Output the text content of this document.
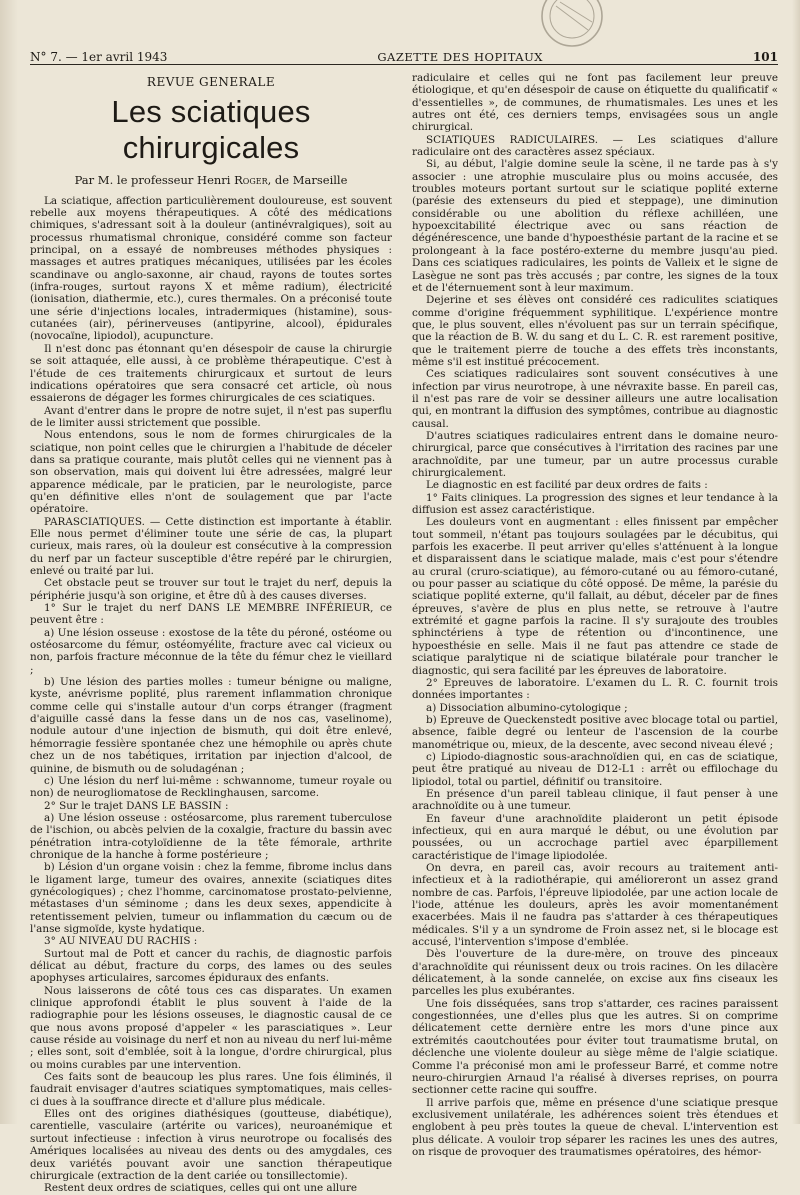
N° 7. — 1er avril 1943	GAZETTE DES HOPITAUX	101
REVUE GENERALE
Les sciatiques chirurgicales
Par M. le professeur Henri Roger, de Marseille

La sciatique, affection particulièrement douloureuse, est souvent rebelle aux moyens thérapeutiques. A côté des médications chimiques, s'adressant soit à la douleur (antinévralgiques), soit au processus rhumatismal chronique, considéré comme son facteur principal, on a essayé de nombreuses méthodes physiques : massages et autres pratiques mécaniques, utilisées par les écoles scandinave ou anglo-saxonne, air chaud, rayons de toutes sortes (infra-rouges, surtout rayons X et même radium), électricité (ionisation, diathermie, etc.), cures thermales. On a préconisé toute une série d'injections locales, intradermiques (histamine), sous-cutanées (air), périnerveuses (antipyrine, alcool), épidurales (novocaïne, lipiodol), acupuncture.

Il n'est donc pas étonnant qu'en désespoir de cause la chirurgie se soit attaquée, elle aussi, à ce problème thérapeutique. C'est à l'étude de ces traitements chirurgicaux et surtout de leurs indications opératoires que sera consacré cet article, où nous essaierons de dégager les formes chirurgicales de ces sciatiques.

Avant d'entrer dans le propre de notre sujet, il n'est pas superflu de le limiter aussi strictement que possible.

Nous entendons, sous le nom de formes chirurgicales de la sciatique, non point celles que le chirurgien a l'habitude de déceler dans sa pratique courante, mais plutôt celles qui ne viennent pas à son observation, mais qui doivent lui être adressées, malgré leur apparence médicale, par le praticien, par le neurologiste, parce qu'en définitive elles n'ont de soulagement que par l'acte opératoire.

PARASCIATIQUES. — Cette distinction est importante à établir. Elle nous permet d'éliminer toute une série de cas, la plupart curieux, mais rares, où la douleur est consécutive à la compression du nerf par un facteur susceptible d'être repéré par le chirurgien, enlevé ou traité par lui.

Cet obstacle peut se trouver sur tout le trajet du nerf, depuis la périphérie jusqu'à son origine, et être dû à des causes diverses.

1° Sur le trajet du nerf DANS LE MEMBRE INFÉRIEUR, ce peuvent être :

a) Une lésion osseuse : exostose de la tête du péroné, ostéome ou ostéosarcome du fémur, ostéomyélite, fracture avec cal vicieux ou non, parfois fracture méconnue de la tête du fémur chez le vieillard ;

b) Une lésion des parties molles : tumeur bénigne ou maligne, kyste, anévrisme poplité, plus rarement inflammation chronique comme celle qui s'installe autour d'un corps étranger (fragment d'aiguille cassé dans la fesse dans un de nos cas, vaselinome), nodule autour d'une injection de bismuth, qui doit être enlevé, hémorragie fessière spontanée chez une hémophile ou après chute chez un de nos tabétiques, irritation par injection d'alcool, de quinine, de bismuth ou de soludagénan ;

c) Une lésion du nerf lui-même : schwannome, tumeur royale ou non) de neurogliomatose de Recklinghausen, sarcome.

2° Sur le trajet DANS LE BASSIN :

a) Une lésion osseuse : ostéosarcome, plus rarement tuberculose de l'ischion, ou abcès pelvien de la coxalgie, fracture du bassin avec pénétration intra-cotyloïdienne de la tête fémorale, arthrite chronique de la hanche à forme postérieure ;

b) Lésion d'un organe voisin : chez la femme, fibrome inclus dans le ligament large, tumeur des ovaires, annexite (sciatiques dites gynécologiques) ; chez l'homme, carcinomatose prostato-pelvienne, métastases d'un séminome ; dans les deux sexes, appendicite à retentissement pelvien, tumeur ou inflammation du cæcum ou de l'anse sigmoïde, kyste hydatique.

3° AU NIVEAU DU RACHIS :

Surtout mal de Pott et cancer du rachis, de diagnostic parfois délicat au début, fracture du corps, des lames ou des seules apophyses articulaires, sarcomes épiduraux des enfants.

Nous laisserons de côté tous ces cas disparates. Un examen clinique approfondi établit le plus souvent à l'aide de la radiographie pour les lésions osseuses, le diagnostic causal de ce que nous avons proposé d'appeler « les parasciatiques ». Leur cause réside au voisinage du nerf et non au niveau du nerf lui-même ; elles sont, soit d'emblée, soit à la longue, d'ordre chirurgical, plus ou moins curables par une intervention.

Ces faits sont de beaucoup les plus rares. Une fois éliminés, il faudrait envisager d'autres sciatiques symptomatiques, mais celles-ci dues à la souffrance directe et d'allure plus médicale.

Elles ont des origines diathésiques (goutteuse, diabétique), carentielle, vasculaire (artérite ou varices), neuroanémique et surtout infectieuse : infection à virus neurotrope ou focalisés des Amériques localisées au niveau des dents ou des amygdales, ces deux variétés pouvant avoir une sanction thérapeutique chirurgicale (extraction de la dent cariée ou tonsillectomie).

Restent deux ordres de sciatiques, celles qui ont une allure

radiculaire et celles qui ne font pas facilement leur preuve étiologique, et qu'en désespoir de cause on étiquette du qualificatif « d'essentielles », de communes, de rhumatismales. Les unes et les autres ont été, ces derniers temps, envisagées sous un angle chirurgical.

SCIATIQUES RADICULAIRES. — Les sciatiques d'allure radiculaire ont des caractères assez spéciaux.

Si, au début, l'algie domine seule la scène, il ne tarde pas à s'y associer : une atrophie musculaire plus ou moins accusée, des troubles moteurs portant surtout sur le sciatique poplité externe (parésie des extenseurs du pied et steppage), une diminution considérable ou une abolition du réflexe achilléen, une hypoexcitabilité électrique avec ou sans réaction de dégénérescence, une bande d'hypoesthésie partant de la racine et se prolongeant à la face postéro-externe du membre jusqu'au pied. Dans ces sciatiques radiculaires, les points de Valleix et le signe de Lasègue ne sont pas très accusés ; par contre, les signes de la toux et de l'éternuement sont à leur maximum.

Dejerine et ses élèves ont considéré ces radiculites sciatiques comme d'origine fréquemment syphilitique. L'expérience montre que, le plus souvent, elles n'évoluent pas sur un terrain spécifique, que la réaction de B. W. du sang et du L. C. R. est rarement positive, que le traitement pierre de touche a des effets très inconstants, même s'il est institué précocement.

Ces sciatiques radiculaires sont souvent consécutives à une infection par virus neurotrope, à une névraxite basse. En pareil cas, il n'est pas rare de voir se dessiner ailleurs une autre localisation qui, en montrant la diffusion des symptômes, contribue au diagnostic causal.

D'autres sciatiques radiculaires entrent dans le domaine neuro-chirurgical, parce que consécutives à l'irritation des racines par une arachnoïdite, par une tumeur, par un autre processus curable chirurgicalement.

Le diagnostic en est facilité par deux ordres de faits :

1° Faits cliniques. La progression des signes et leur tendance à la diffusion est assez caractéristique.

Les douleurs vont en augmentant : elles finissent par empêcher tout sommeil, n'étant pas toujours soulagées par le décubitus, qui parfois les exacerbe. Il peut arriver qu'elles s'atténuent à la longue et disparaissent dans le sciatique malade, mais c'est pour s'étendre au crural (cruro-sciatique), au fémoro-cutané ou au fémoro-cutané, ou pour passer au sciatique du côté opposé. De même, la parésie du sciatique poplité externe, qu'il fallait, au début, déceler par de fines épreuves, s'avère de plus en plus nette, se retrouve à l'autre extrémité et gagne parfois la racine. Il s'y surajoute des troubles sphinctériens à type de rétention ou d'incontinence, une hypoesthésie en selle. Mais il ne faut pas attendre ce stade de sciatique paralytique ni de sciatique bilatérale pour trancher le diagnostic, qui sera facilité par les épreuves de laboratoire.

2° Epreuves de laboratoire. L'examen du L. R. C. fournit trois données importantes :

a) Dissociation albumino-cytologique ;

b) Epreuve de Queckenstedt positive avec blocage total ou partiel, absence, faible degré ou lenteur de l'ascension de la courbe manométrique ou, mieux, de la descente, avec second niveau élevé ;

c) Lipiodo-diagnostic sous-arachnoïdien qui, en cas de sciatique, peut être pratiqué au niveau de D12-L1 : arrêt ou effilochage du lipiodol, total ou partiel, définitif ou transitoire.

En présence d'un pareil tableau clinique, il faut penser à une arachnoïdite ou à une tumeur.

En faveur d'une arachnoïdite plaideront un petit épisode infectieux, qui en aura marqué le début, ou une évolution par poussées, ou un accrochage partiel avec éparpillement caractéristique de l'image lipiodolée.

On devra, en pareil cas, avoir recours au traitement anti-infectieux et à la radiothérapie, qui amélioreront un assez grand nombre de cas. Parfois, l'épreuve lipiodolée, par une action locale de l'iode, atténue les douleurs, après les avoir momentanément exacerbées. Mais il ne faudra pas s'attarder à ces thérapeutiques médicales. S'il y a un syndrome de Froin assez net, si le blocage est accusé, l'intervention s'impose d'emblée.

Dès l'ouverture de la dure-mère, on trouve des pinceaux d'arachnoïdite qui réunissent deux ou trois racines. On les dilacère délicatement, à la sonde cannelée, on excise aux fins ciseaux les parcelles les plus exubérantes.

Une fois disséquées, sans trop s'attarder, ces racines paraissent congestionnées, une d'elles plus que les autres. Si on comprime délicatement cette dernière entre les mors d'une pince aux extrémités caoutchoutées pour éviter tout traumatisme brutal, on déclenche une violente douleur au siège même de l'algie sciatique. Comme l'a préconisé mon ami le professeur Barré, et comme notre neuro-chirurgien Arnaud l'a réalisé à diverses reprises, on pourra sectionner cette racine qui souffre.

Il arrive parfois que, même en présence d'une sciatique presque exclusivement unilatérale, les adhérences soient très étendues et englobent à peu près toutes la queue de cheval. L'intervention est plus délicate. A vouloir trop séparer les racines les unes des autres, on risque de provoquer des traumatismes opératoires, des hémor-
